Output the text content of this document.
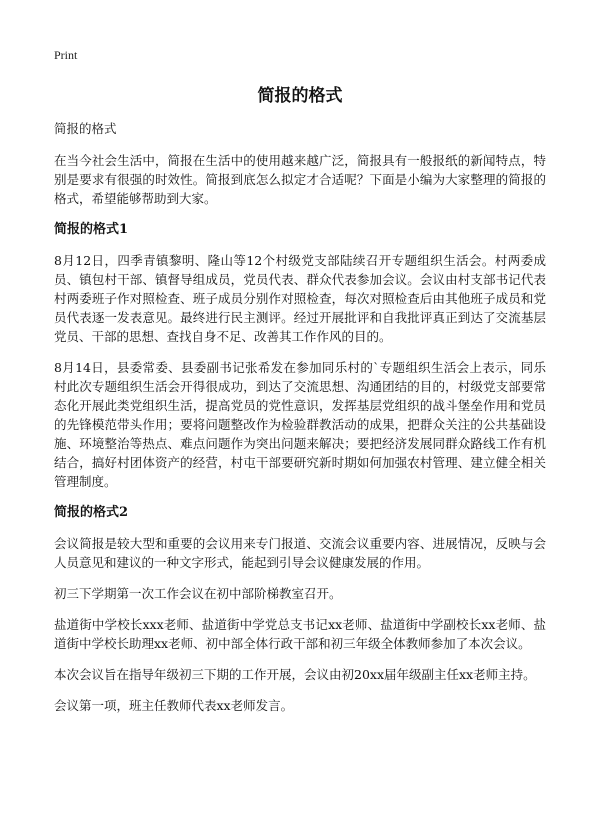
Print
简报的格式
简报的格式

在当今社会生活中，简报在生活中的使用越来越广泛，简报具有一般报纸的新闻特点，特别是要求有很强的时效性。简报到底怎么拟定才合适呢？下面是小编为大家整理的简报的格式，希望能够帮助到大家。

简报的格式1

8月12日，四季青镇黎明、隆山等12个村级党支部陆续召开专题组织生活会。村两委成员、镇包村干部、镇督导组成员，党员代表、群众代表参加会议。会议由村支部书记代表村两委班子作对照检查、班子成员分别作对照检查，每次对照检查后由其他班子成员和党员代表逐一发表意见。最终进行民主测评。经过开展批评和自我批评真正到达了交流基层党员、干部的思想、查找自身不足、改善其工作作风的目的。

8月14日，县委常委、县委副书记张希发在参加同乐村的`专题组织生活会上表示，同乐村此次专题组织生活会开得很成功，到达了交流思想、沟通团结的目的，村级党支部要常态化开展此类党组织生活，提高党员的党性意识，发挥基层党组织的战斗堡垒作用和党员的先锋模范带头作用；要将问题整改作为检验群教活动的成果，把群众关注的公共基础设施、环境整治等热点、难点问题作为突出问题来解决；要把经济发展同群众路线工作有机结合，搞好村团体资产的经营，村屯干部要研究新时期如何加强农村管理、建立健全相关管理制度。

简报的格式2

会议简报是较大型和重要的会议用来专门报道、交流会议重要内容、进展情况，反映与会人员意见和建议的一种文字形式，能起到引导会议健康发展的作用。

初三下学期第一次工作会议在初中部阶梯教室召开。

盐道街中学校长xxx老师、盐道街中学党总支书记xx老师、盐道街中学副校长xx老师、盐道街中学校长助理xx老师、初中部全体行政干部和初三年级全体教师参加了本次会议。

本次会议旨在指导年级初三下期的工作开展，会议由初20xx届年级副主任xx老师主持。

会议第一项，班主任教师代表xx老师发言。
